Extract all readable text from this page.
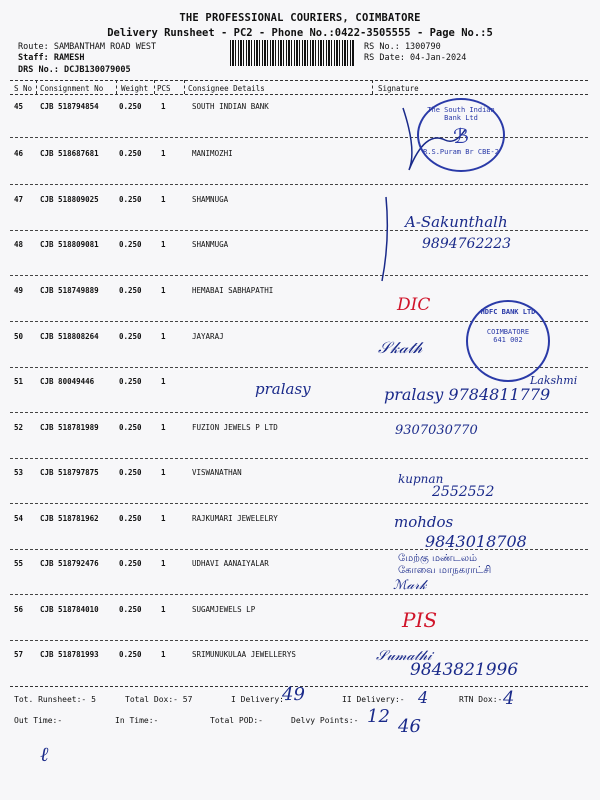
THE PROFESSIONAL COURIERS, COIMBATORE
Delivery Runsheet - PC2 - Phone No.:0422-3505555 - Page No.:5
Route: SAMBANTHAM ROAD WEST
Staff: RAMESH
DRS No.: DCJB130079005
RS No.: 1300790
RS Date: 04-Jan-2024
S No Consignment No Weight PCS Consignee Details	Signature
45 CJB 518794854	0.250	1	SOUTH INDIAN BANK
46 CJB 518687681	0.250	1	MANIMOZHI
47 CJB 518809025	0.250	1	SHAMNUGA
48 CJB 518809081	0.250	1	SHANMUGA
49 CJB 518749889	0.250	1	HEMABAI SABHAPATHI
50 CJB 518808264	0.250	1	JAYARAJ
51 CJB 80049446	0.250	1
52 CJB 518781989	0.250	1	FUZION JEWELS P LTD
53 CJB 518797875	0.250	1	VISWANATHAN
54 CJB 518781962	0.250	1	RAJKUMARI JEWELELRY
55 CJB 518792476	0.250	1	UDHAVI AANAIYALAR
56 CJB 518784010	0.250	1	SUGAMJEWELS LP
57 CJB 518781993	0.250	1	SRIMUNUKULAA JEWELLERYS
Tot. Runsheet:- 5	Total Dox:- 57	I Delivery:-	II Delivery:-	RTN Dox:-
Out Time:-	In Time:-	Total POD:-	Delvy Points:-
49	4	4
12 46
ℓ
The South Indian Bank Ltd
ℬ
R.S.Puram Br CBE-2
A-Sakunthalh
9894762223
DIC
𝒮𝓀𝒶𝓉𝒽
HDFC BANK LTD
COIMBATORE
641 002
pralasy	pralasy 9784811779
Lakshmi
9307030770
kupnan
2552552
mohdos
9843018708
மேற்கு மண்டலம்
கோவை மாநகராட்சி
ℳ𝒶𝓇𝓀
PIS
𝒮𝓊𝓂𝒶𝓉𝒽𝒾
9843821996
